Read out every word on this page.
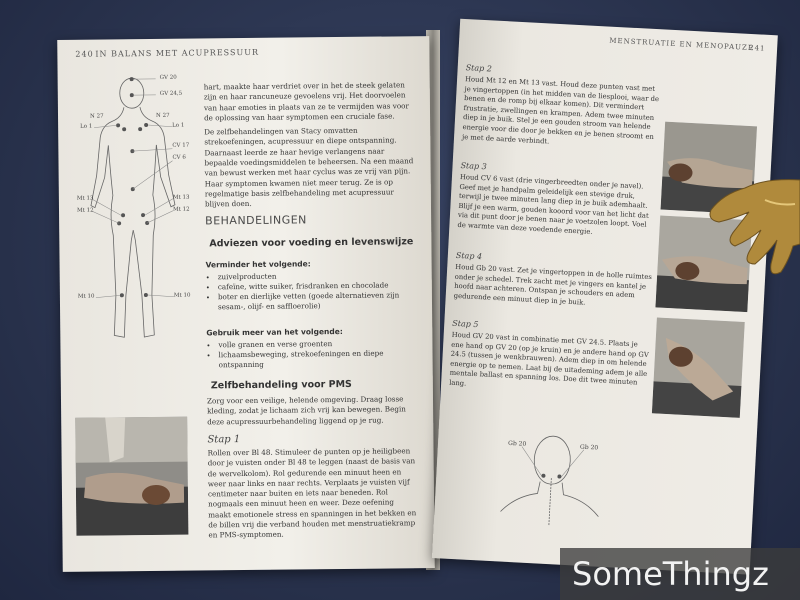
240 IN BALANS MET ACUPRESSUUR
GV 20
GV 24,5
Lo 1	Lo 1
N 27	N 27
CV 17
CV 6
Mt 13
Mt 12
Mt 13
Mt 12
Mt 10	Mt 10

hart, maakte haar verdriet over in het de steek gelaten zijn en haar rancuneuze gevoelens vrij. Het doorvoelen van haar emoties in plaats van ze te vermijden was voor de oplossing van haar symptomen een cruciale fase.

De zelfbehandelingen van Stacy omvatten strekoefeningen, acupressuur en diepe ontspanning. Daarnaast leerde ze haar hevige verlangens naar bepaalde voedingsmiddelen te beheersen. Na een maand van bewust werken met haar cyclus was ze vrij van pijn. Haar symptomen kwamen niet meer terug. Ze is op regelmatige basis zelfbehandeling met acupressuur blijven doen.

BEHANDELINGEN
Adviezen voor voeding en levenswijze
Verminder het volgende:
• zuivelproducten
• cafeïne, witte suiker, frisdranken en chocolade
• boter en dierlijke vetten (goede alternatieven zijn sesam-, olijf- en saffloerolie)
Gebruik meer van het volgende:
• volle granen en verse groenten
• lichaamsbeweging, strekoefeningen en diepe ontspanning
Zelfbehandeling voor PMS
Zorg voor een veilige, helende omgeving. Draag losse kleding, zodat je lichaam zich vrij kan bewegen. Begin deze acupressuurbehandeling liggend op je rug.
Stap 1
Rollen over Bl 48. Stimuleer de punten op je heiligbeen door je vuisten onder Bl 48 te leggen (naast de basis van de wervelkolom). Rol gedurende een minuut heen en weer naar links en naar rechts. Verplaats je vuisten vijf centimeter naar buiten en iets naar beneden. Rol nogmaals een minuut heen en weer. Deze oefening maakt emotionele stress en spanningen in het bekken en de billen vrij die verband houden met menstruatiekramp en PMS-symptomen.
MENSTRUATIE EN MENOPAUZE
241
Stap 2
Houd Mt 12 en Mt 13 vast. Houd deze punten vast met je vingertoppen (in het midden van de liesplooi, waar de benen en de romp bij elkaar komen). Dit vermindert frustratie, zwellingen en krampen. Adem twee minuten diep in je buik. Stel je een gouden stroom van helende energie voor die door je bekken en je benen stroomt en je met de aarde verbindt.
Stap 3
Houd CV 6 vast (drie vingerbreedten onder je navel). Geef met je handpalm geleidelijk een stevige druk, terwijl je twee minuten lang diep in je buik ademhaalt. Blijf je een warm, gouden kooord voor van het licht dat via dit punt door je benen naar je voetzolen loopt. Voel de warmte van deze voedende energie.
Stap 4
Houd Gb 20 vast. Zet je vingertoppen in de holle ruimtes onder je schedel. Trek zacht met je vingers en kantel je hoofd naar achteren. Ontspan je schouders en adem gedurende een minuut diep in je buik.
Stap 5
Houd GV 20 vast in combinatie met GV 24.5. Plaats je ene hand op GV 20 (op je kruin) en je andere hand op GV 24.5 (tussen je wenkbrauwen). Adem diep in om helende energie op te nemen. Laat bij de uitademing adem je alle mentale ballast en spanning los. Doe dit twee minuten lang.
Gb 20	Gb 20
SomeThingz
